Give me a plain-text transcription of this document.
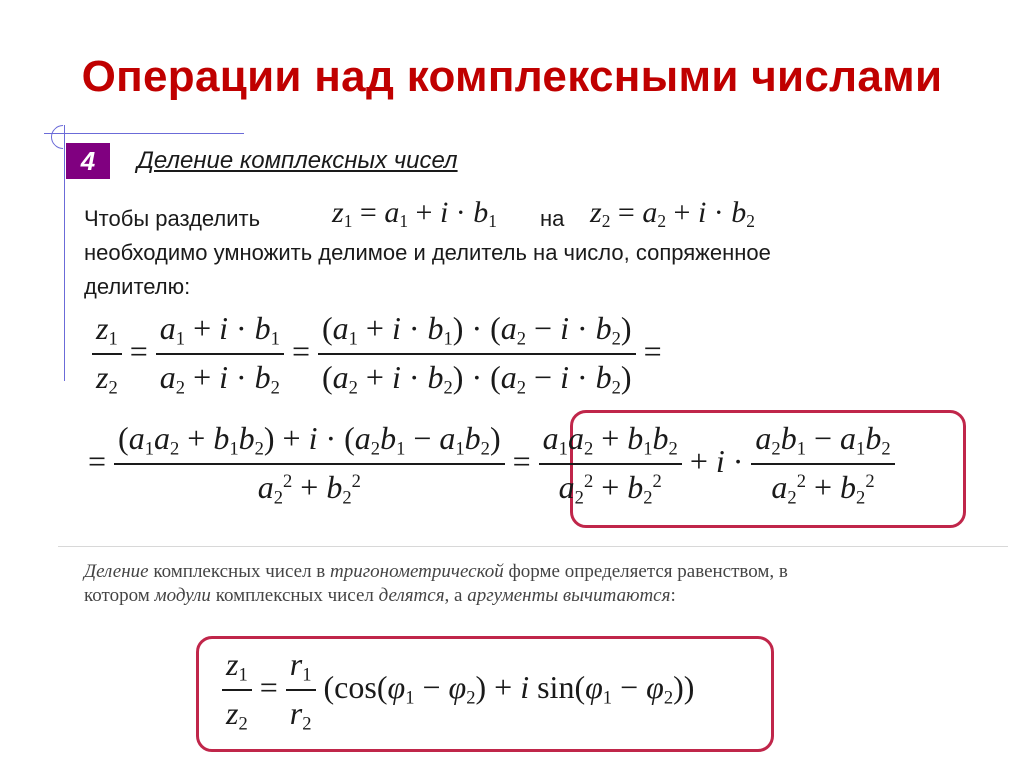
Операции над комплексными числами
4	Деление комплексных чисел
Чтобы разделить $z_1 = a_1 + i \cdot b_1$ на $z_2 = a_2 + i \cdot b_2$
необходимо умножить делимое и делитель на число, сопряженное
делителю:
$\frac{z_1}{z_2} = \frac{a_1 + i \cdot b_1}{a_2 + i \cdot b_2} = \frac{(a_1 + i \cdot b_1) \cdot (a_2 - i \cdot b_2)}{(a_2 + i \cdot b_2) \cdot (a_2 - i \cdot b_2)}$ =
= $\frac{(a_1a_2 + b_1b_2) + i \cdot (a_2b_1 - a_1b_2)}{a_2^2 + b_2^2} = \frac{a_1a_2 + b_1b_2}{a_2^2 + b_2^2} + i \cdot \frac{a_2b_1 - a_1b_2}{a_2^2 + b_2^2}$
Деление комплексных чисел в тригонометрической форме определяется равенством, в
котором модули комплексных чисел делятся, а аргументы вычитаются:
$\frac{z_1}{z_2} = \frac{r_1}{r_2} (\cos(\varphi_1 - \varphi_2) + i$ $\sin(\varphi_1 - \varphi_2)$)
